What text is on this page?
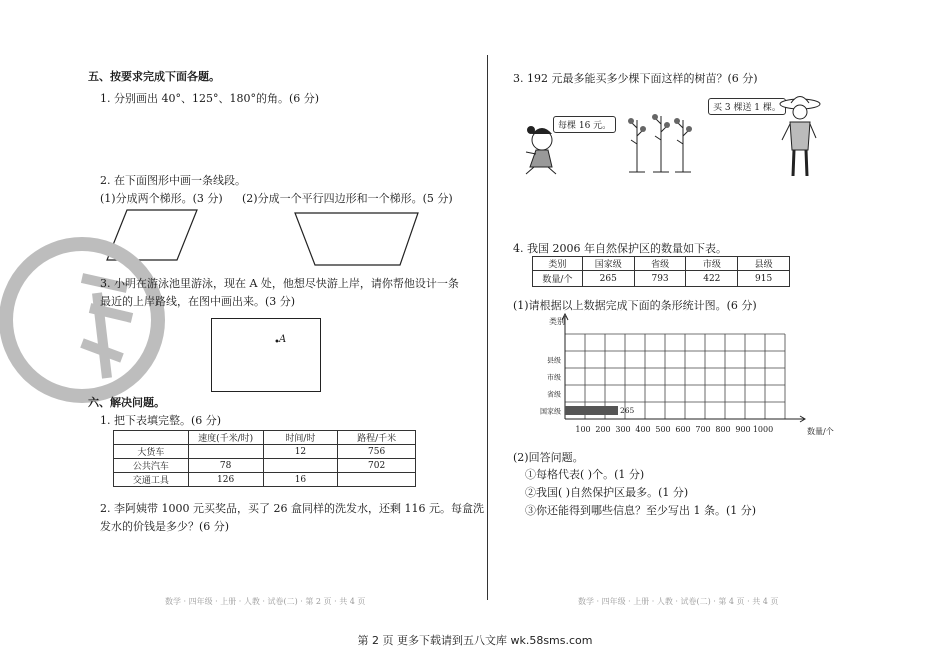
五、按要求完成下面各题。
1. 分别画出 40°、125°、180°的角。(6 分)
2. 在下面图形中画一条线段。
(1)分成两个梯形。(3 分) (2)分成一个平行四边形和一个梯形。(5 分)
3. 小明在游泳池里游泳，现在 A 处，他想尽快游上岸，请你帮他设计一条
最近的上岸路线，在图中画出来。(3 分)
• A
六、解决问题。
1. 把下表填完整。(6 分)
	速度(千米/时)	时间/时	路程/千米
大货车		12	756
公共汽车	78		702
交通工具	126	16	
2. 李阿姨带 1000 元买奖品，买了 26 盒同样的洗发水，还剩 116 元。每盒洗
发水的价钱是多少？(6 分)
数学 · 四年级 · 上册 · 人教 · 试卷(二) · 第 2 页 · 共 4 页
3. 192 元最多能买多少棵下面这样的树苗？(6 分)
每棵 16 元。
买 3 棵送 1 棵。
4. 我国 2006 年自然保护区的数量如下表。
类别	国家级	省级	市级	县级
数量/个	265	793	422	915
(1)请根据以上数据完成下面的条形统计图。(6 分)
类别
数量/个
100 200 300 400 500 600 700 800 900 1000
国家级
省级
市级
县级
265
(2)回答问题。
①每格代表( )个。(1 分)
②我国( )自然保护区最多。(1 分)
③你还能得到哪些信息？至少写出 1 条。(1 分)
数学 · 四年级 · 上册 · 人教 · 试卷(二) · 第 4 页 · 共 4 页
第 2 页 更多下载请到五八文库 wk.58sms.com
